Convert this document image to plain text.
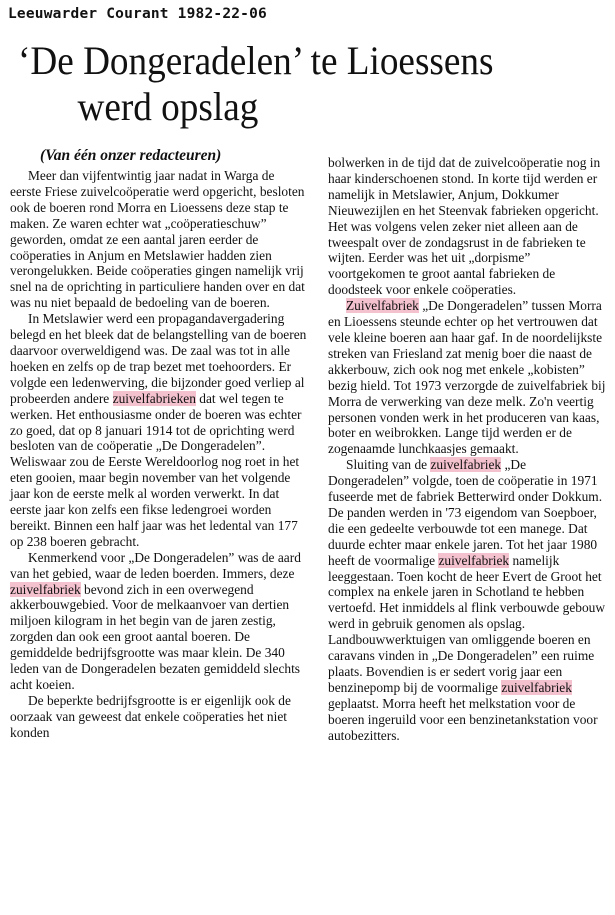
Leeuwarder Courant 1982-22-06
‘De Dongeradelen’ te Lioessens
werd opslag
(Van één onzer redacteuren)

Meer dan vijfentwintig jaar nadat in Warga de eerste Friese zuivelcoöperatie werd opgericht, besloten ook de boeren rond Morra en Lioessens deze stap te maken. Ze waren echter wat „coöperatieschuw” geworden, omdat ze een aantal jaren eerder de coöperaties in Anjum en Metslawier hadden zien verongelukken. Beide coöperaties gingen namelijk vrij snel na de oprichting in particuliere handen over en dat was nu niet bepaald de bedoeling van de boeren.

In Metslawier werd een propagandavergadering belegd en het bleek dat de belangstelling van de boeren daarvoor overweldigend was. De zaal was tot in alle hoeken en zelfs op de trap bezet met toehoorders. Er volgde een ledenwerving, die bijzonder goed verliep al probeerden andere zuivelfabrieken dat wel tegen te werken. Het enthousiasme onder de boeren was echter zo goed, dat op 8 januari 1914 tot de oprichting werd besloten van de coöperatie „De Dongeradelen”. Weliswaar zou de Eerste Wereldoorlog nog roet in het eten gooien, maar begin november van het volgende jaar kon de eerste melk al worden verwerkt. In dat eerste jaar kon zelfs een fikse ledengroei worden bereikt. Binnen een half jaar was het ledental van 177 op 238 boeren gebracht.

Kenmerkend voor „De Dongeradelen” was de aard van het gebied, waar de leden boerden. Immers, deze zuivelfabriek bevond zich in een overwegend akkerbouwgebied. Voor de melkaanvoer van dertien miljoen kilogram in het begin van de jaren zestig, zorgden dan ook een groot aantal boeren. De gemiddelde bedrijfsgrootte was maar klein. De 340 leden van de Dongeradelen bezaten gemiddeld slechts acht koeien.

De beperkte bedrijfsgrootte is er eigenlijk ook de oorzaak van geweest dat enkele coöperaties het niet konden

bolwerken in de tijd dat de zuivelcoöperatie nog in haar kinderschoenen stond. In korte tijd werden er namelijk in Metslawier, Anjum, Dokkumer Nieuwezijlen en het Steenvak fabrieken opgericht. Het was volgens velen zeker niet alleen aan de tweespalt over de zondagsrust in de fabrieken te wijten. Eerder was het uit „dorpisme” voortgekomen te groot aantal fabrieken de doodsteek voor enkele coöperaties.

Zuivelfabriek „De Dongeradelen” tussen Morra en Lioessens steunde echter op het vertrouwen dat vele kleine boeren aan haar gaf. In de noordelijkste streken van Friesland zat menig boer die naast de akkerbouw, zich ook nog met enkele „kobisten” bezig hield. Tot 1973 verzorgde de zuivelfabriek bij Morra de verwerking van deze melk. Zo'n veertig personen vonden werk in het produceren van kaas, boter en weibrokken. Lange tijd werden er de zogenaamde lunchkaasjes gemaakt.

Sluiting van de zuivelfabriek „De Dongeradelen” volgde, toen de coöperatie in 1971 fuseerde met de fabriek Betterwird onder Dokkum. De panden werden in '73 eigendom van Soepboer, die een gedeelte verbouwde tot een manege. Dat duurde echter maar enkele jaren. Tot het jaar 1980 heeft de voormalige zuivelfabriek namelijk leeggestaan. Toen kocht de heer Evert de Groot het complex na enkele jaren in Schotland te hebben vertoefd. Het inmiddels al flink verbouwde gebouw werd in gebruik genomen als opslag. Landbouwwerktuigen van omliggende boeren en caravans vinden in „De Dongeradelen” een ruime plaats. Bovendien is er sedert vorig jaar een benzinepomp bij de voormalige zuivelfabriek geplaatst. Morra heeft het melkstation voor de boeren ingeruild voor een benzinetankstation voor autobezitters.
